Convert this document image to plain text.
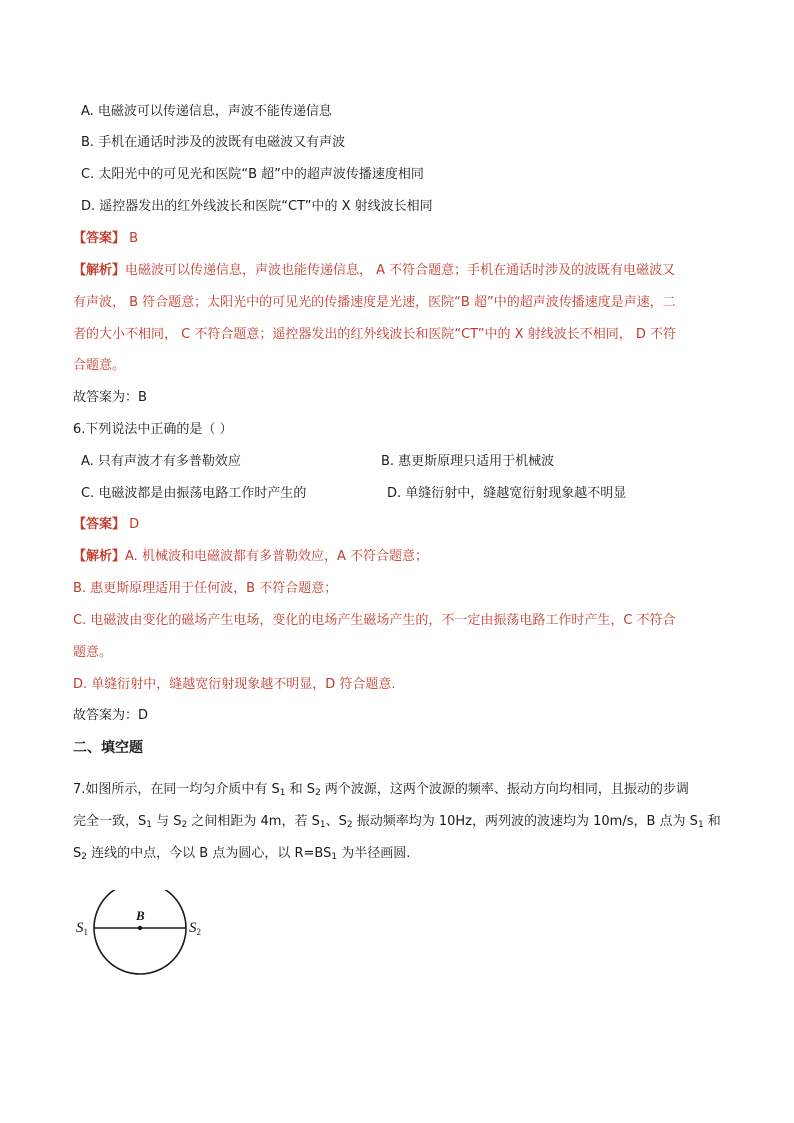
A. 电磁波可以传递信息，声波不能传递信息
B. 手机在通话时涉及的波既有电磁波又有声波
C. 太阳光中的可见光和医院“B 超”中的超声波传播速度相同
D. 遥控器发出的红外线波长和医院“CT”中的 X 射线波长相同
【答案】 B
【解析】电磁波可以传递信息，声波也能传递信息， A 不符合题意；手机在通话时涉及的波既有电磁波又
有声波， B 符合题意；太阳光中的可见光的传播速度是光速，医院“B 超”中的超声波传播速度是声速，二
者的大小不相同， C 不符合题意；遥控器发出的红外线波长和医院“CT”中的 X 射线波长不相同， D 不符
合题意。
故答案为：B
6.下列说法中正确的是（ ）
A. 只有声波才有多普勒效应	B. 惠更斯原理只适用于机械波
C. 电磁波都是由振荡电路工作时产生的	D. 单缝衍射中，缝越宽衍射现象越不明显
【答案】 D
【解析】A. 机械波和电磁波都有多普勒效应，A 不符合题意；
B. 惠更斯原理适用于任何波，B 不符合题意；
C. 电磁波由变化的磁场产生电场，变化的电场产生磁场产生的，不一定由振荡电路工作时产生，C 不符合
题意。
D. 单缝衍射中，缝越宽衍射现象越不明显，D 符合题意.
故答案为：D
二、填空题
7.如图所示，在同一均匀介质中有 $S_1$ 和 $S_2$ 两个波源，这两个波源的频率、振动方向均相同，且振动的步调
完全一致，$S_1$ 与 $S_2$ 之间相距为 4m，若 $S_1$、$S_2$ 振动频率均为 10Hz，两列波的波速均为 10m/s，B 点为 $S_1$ 和
$S_2$ 连线的中点，今以 B 点为圆心，以 $R=BS_1$ 为半径画圆.
$S_1$
B
$S_2$
